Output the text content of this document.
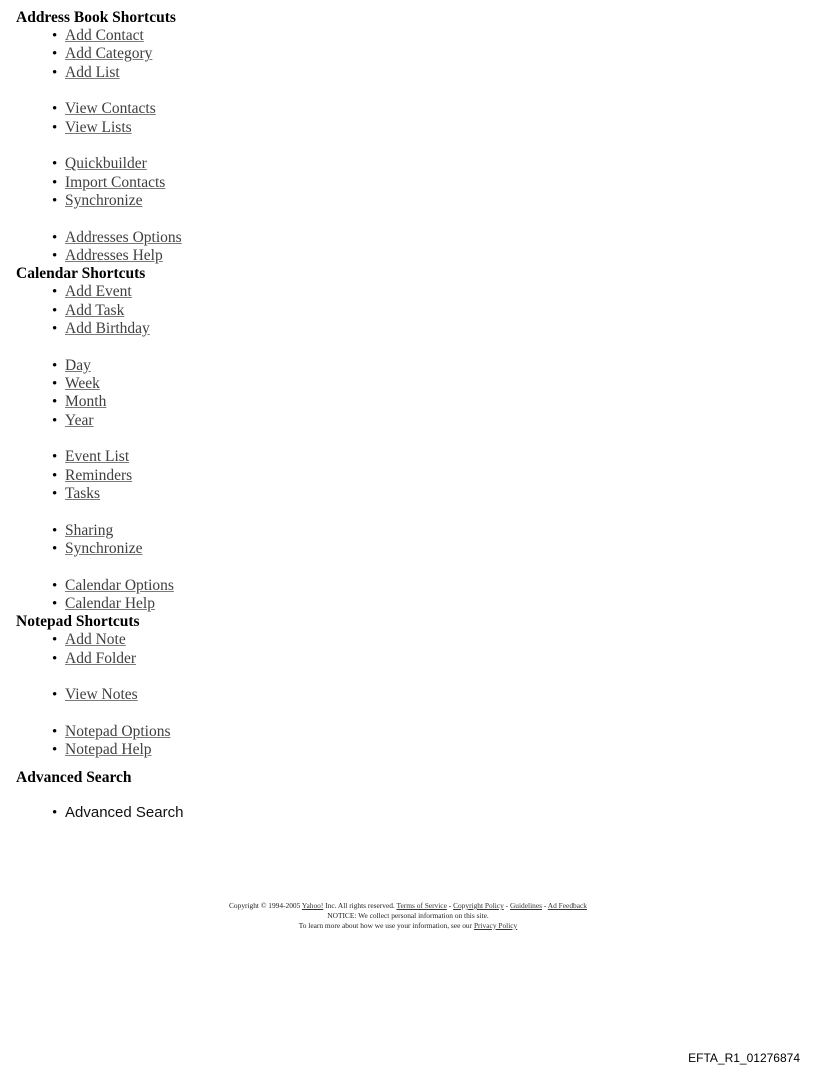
Address Book Shortcuts
• Add Contact
• Add Category
• Add List
• View Contacts
• View Lists
• Quickbuilder
• Import Contacts
• Synchronize
• Addresses Options
• Addresses Help
Calendar Shortcuts
• Add Event
• Add Task
• Add Birthday
• Day
• Week
• Month
• Year
• Event List
• Reminders
• Tasks
• Sharing
• Synchronize
• Calendar Options
• Calendar Help
Notepad Shortcuts
• Add Note
• Add Folder
• View Notes
• Notepad Options
• Notepad Help
Advanced Search
• Advanced Search
Copyright © 1994-2005 Yahoo! Inc. All rights reserved. Terms of Service - Copyright Policy - Guidelines - Ad Feedback
NOTICE: We collect personal information on this site.
To learn more about how we use your information, see our Privacy Policy
EFTA_R1_01276874
